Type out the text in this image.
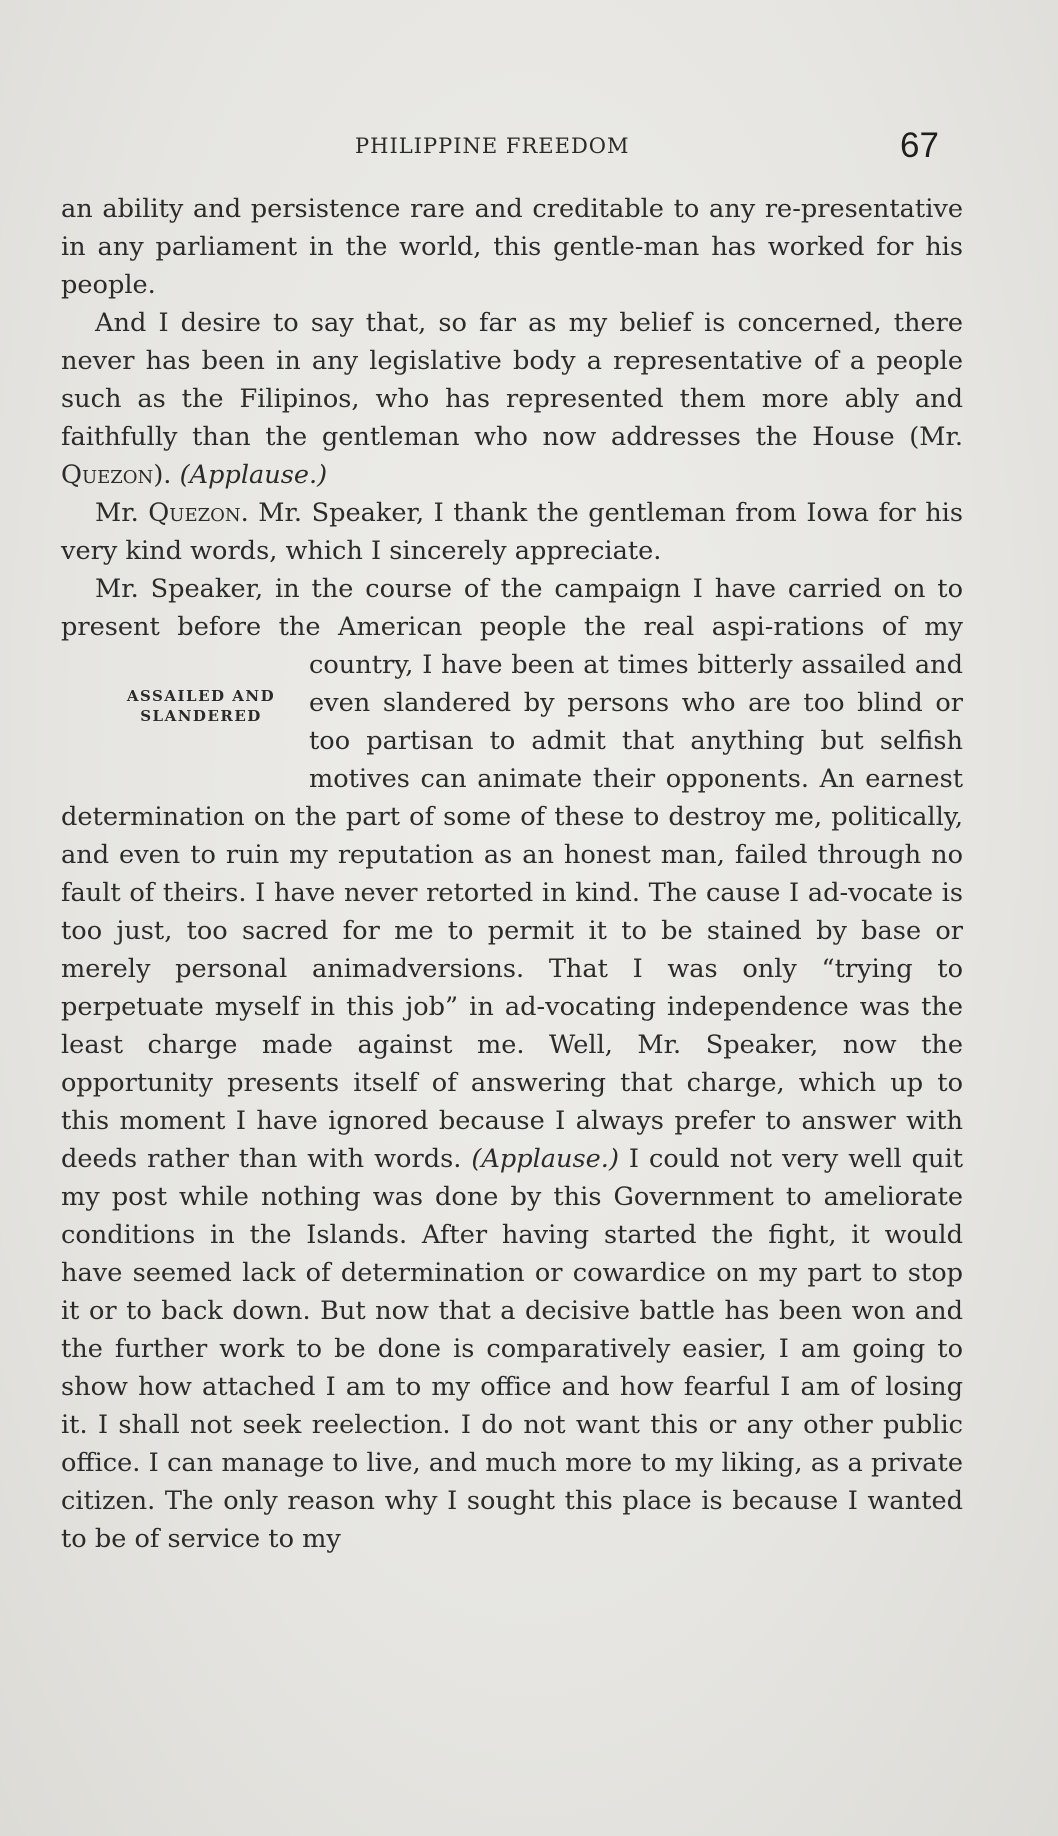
PHILIPPINE FREEDOM	67

an ability and persistence rare and creditable to any re-presentative in any parliament in the world, this gentle-man has worked for his people.

And I desire to say that, so far as my belief is concerned, there never has been in any legislative body a representative of a people such as the Filipinos, who has represented them more ably and faithfully than the gentleman who now addresses the House (Mr. Quezon). (Applause.)

Mr. Quezon. Mr. Speaker, I thank the gentleman from Iowa for his very kind words, which I sincerely appreciate.

Mr. Speaker, in the course of the campaign I have carried on to present before the American people the real aspi-rations of my country, I have been at times bitterly
ASSAILED AND
SLANDERED
assailed and even slandered by persons who are too blind or too partisan to admit that anything but selfish motives can animate their opponents. An earnest determination on the part of some of these to destroy me, politically, and even to ruin my reputation as an honest man, failed through no fault of theirs. I have never retorted in kind. The cause I ad-vocate is too just, too sacred for me to permit it to be stained by base or merely personal animadversions. That I was only “trying to perpetuate myself in this job” in ad-vocating independence was the least charge made against me. Well, Mr. Speaker, now the opportunity presents itself of answering that charge, which up to this moment I have ignored because I always prefer to answer with deeds rather than with words. (Applause.) I could not very well quit my post while nothing was done by this Government to ameliorate conditions in the Islands. After having started the fight, it would have seemed lack of determination or cowardice on my part to stop it or to back down. But now that a decisive battle has been won and the further work to be done is comparatively easier, I am going to show how attached I am to my office and how fearful I am of losing it. I shall not seek reelection. I do not want this or any other public office. I can manage to live, and much more to my liking, as a private citizen. The only reason why I sought this place is because I wanted to be of service to my
